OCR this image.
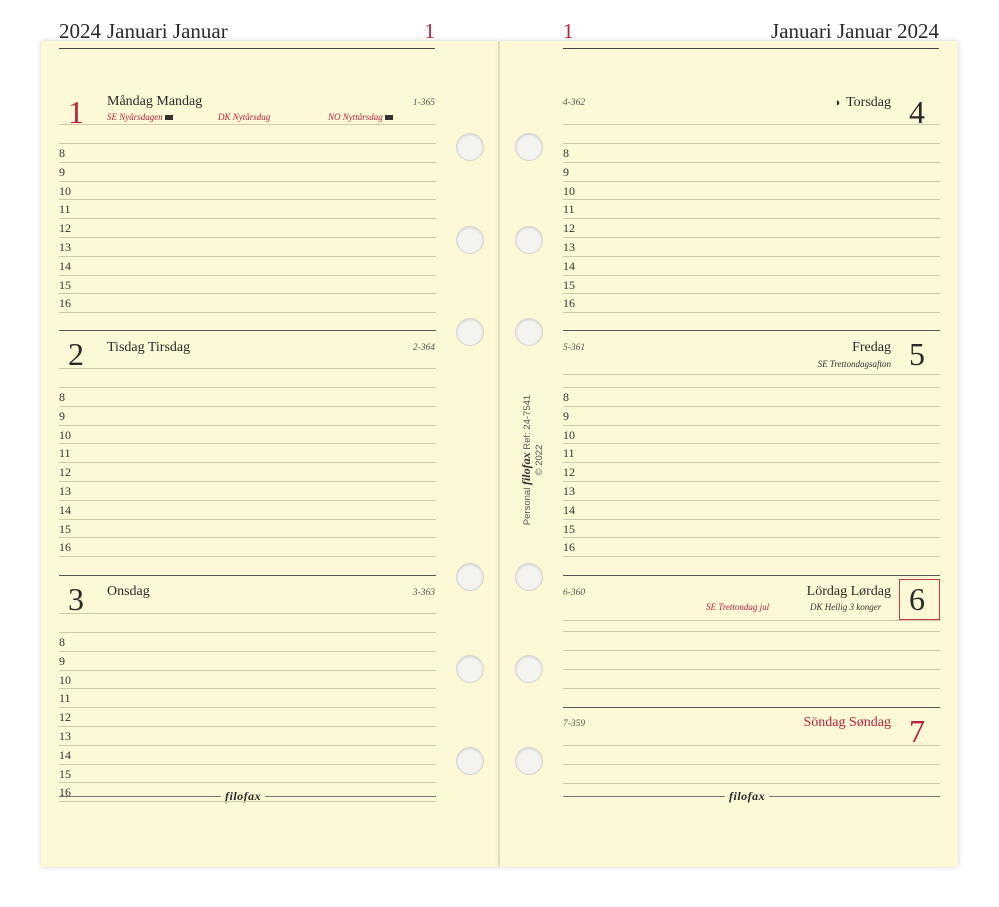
2024 Januari Januar	1	1	Januari Januar 2024
1 Måndag Mandag	1-365
SE Nyårsdagen	DK Nytårsdag	NO Nyttårsdag
2 Tisdag Tirsdag	2-364
3 Onsdag	3-363
4-362	◑ Torsdag 4
5-361	Fredag
SE Trettondagsafton 5
6-360	Lördag Lørdag
SE Trettondag jul	DK Hellig 3 konger 6
7-359	Söndag Søndag 7
filofax	filofax
Personal filofax Ref: 24-7541
© 2022
8
9
10
11
12
13
14
15
16
8
9
10
11
12
13
14
15
16
8
9
10
11
12
13
14
15
16
8
9
10
11
12
13
14
15
16
8
9
10
11
12
13
14
15
16
